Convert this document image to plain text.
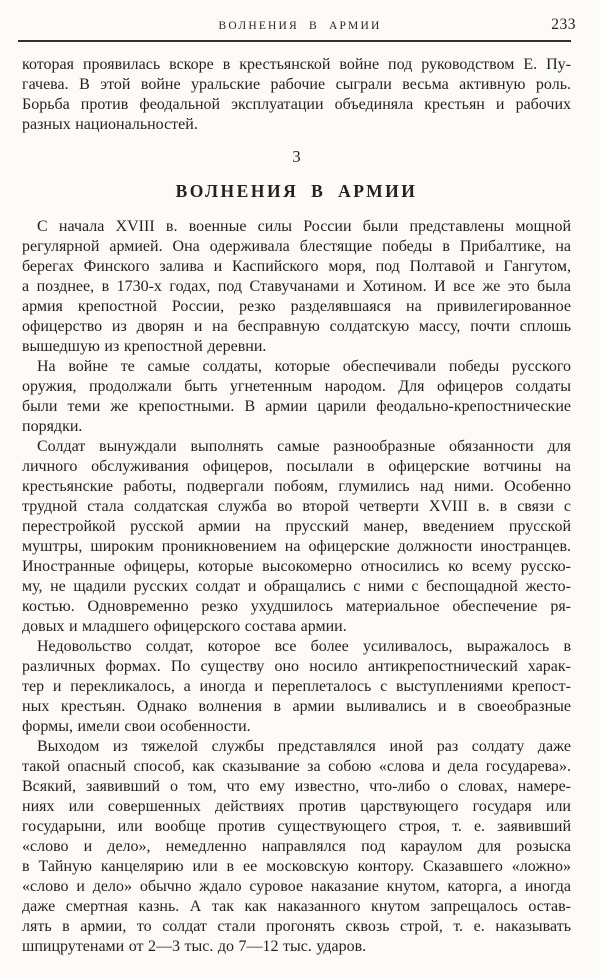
ВОЛНЕНИЯ В АРМИИ	233
которая проявилась вскоре в крестьянской войне под руководством Е. Пу-
гачева. В этой войне уральские рабочие сыграли весьма активную роль.
Борьба против феодальной эксплуатации объединяла крестьян и рабочих
разных национальностей.
3
ВОЛНЕНИЯ В АРМИИ
С начала XVIII в. военные силы России были представлены мощной
регулярной армией. Она одерживала блестящие победы в Прибалтике, на
берегах Финского залива и Каспийского моря, под Полтавой и Гангутом,
а позднее, в 1730-х годах, под Ставучанами и Хотином. И все же это была
армия крепостной России, резко разделявшаяся на привилегированное
офицерство из дворян и на бесправную солдатскую массу, почти сплошь
вышедшую из крепостной деревни.
На войне те самые солдаты, которые обеспечивали победы русского
оружия, продолжали быть угнетенным народом. Для офицеров солдаты
были теми же крепостными. В армии царили феодально-крепостнические
порядки.
Солдат вынуждали выполнять самые разнообразные обязанности для
личного обслуживания офицеров, посылали в офицерские вотчины на
крестьянские работы, подвергали побоям, глумились над ними. Особенно
трудной стала солдатская служба во второй четверти XVIII в. в связи с
перестройкой русской армии на прусский манер, введением прусской
муштры, широким проникновением на офицерские должности иностранцев.
Иностранные офицеры, которые высокомерно относились ко всему русско-
му, не щадили русских солдат и обращались с ними с беспощадной жесто-
костью. Одновременно резко ухудшилось материальное обеспечение ря-
довых и младшего офицерского состава армии.
Недовольство солдат, которое все более усиливалось, выражалось в
различных формах. По существу оно носило антикрепостнический харак-
тер и перекликалось, а иногда и переплеталось с выступлениями крепост-
ных крестьян. Однако волнения в армии выливались и в своеобразные
формы, имели свои особенности.
Выходом из тяжелой службы представлялся иной раз солдату даже
такой опасный способ, как сказывание за собою «слова и дела государева».
Всякий, заявивший о том, что ему известно, что-либо о словах, намере-
ниях или совершенных действиях против царствующего государя или
государыни, или вообще против существующего строя, т. е. заявивший
«слово и дело», немедленно направлялся под караулом для розыска
в Тайную канцелярию или в ее московскую контору. Сказавшего «ложно»
«слово и дело» обычно ждало суровое наказание кнутом, каторга, а иногда
даже смертная казнь. А так как наказанного кнутом запрещалось остав-
лять в армии, то солдат стали прогонять сквозь строй, т. е. наказывать
шпицрутенами от 2—3 тыс. до 7—12 тыс. ударов.
